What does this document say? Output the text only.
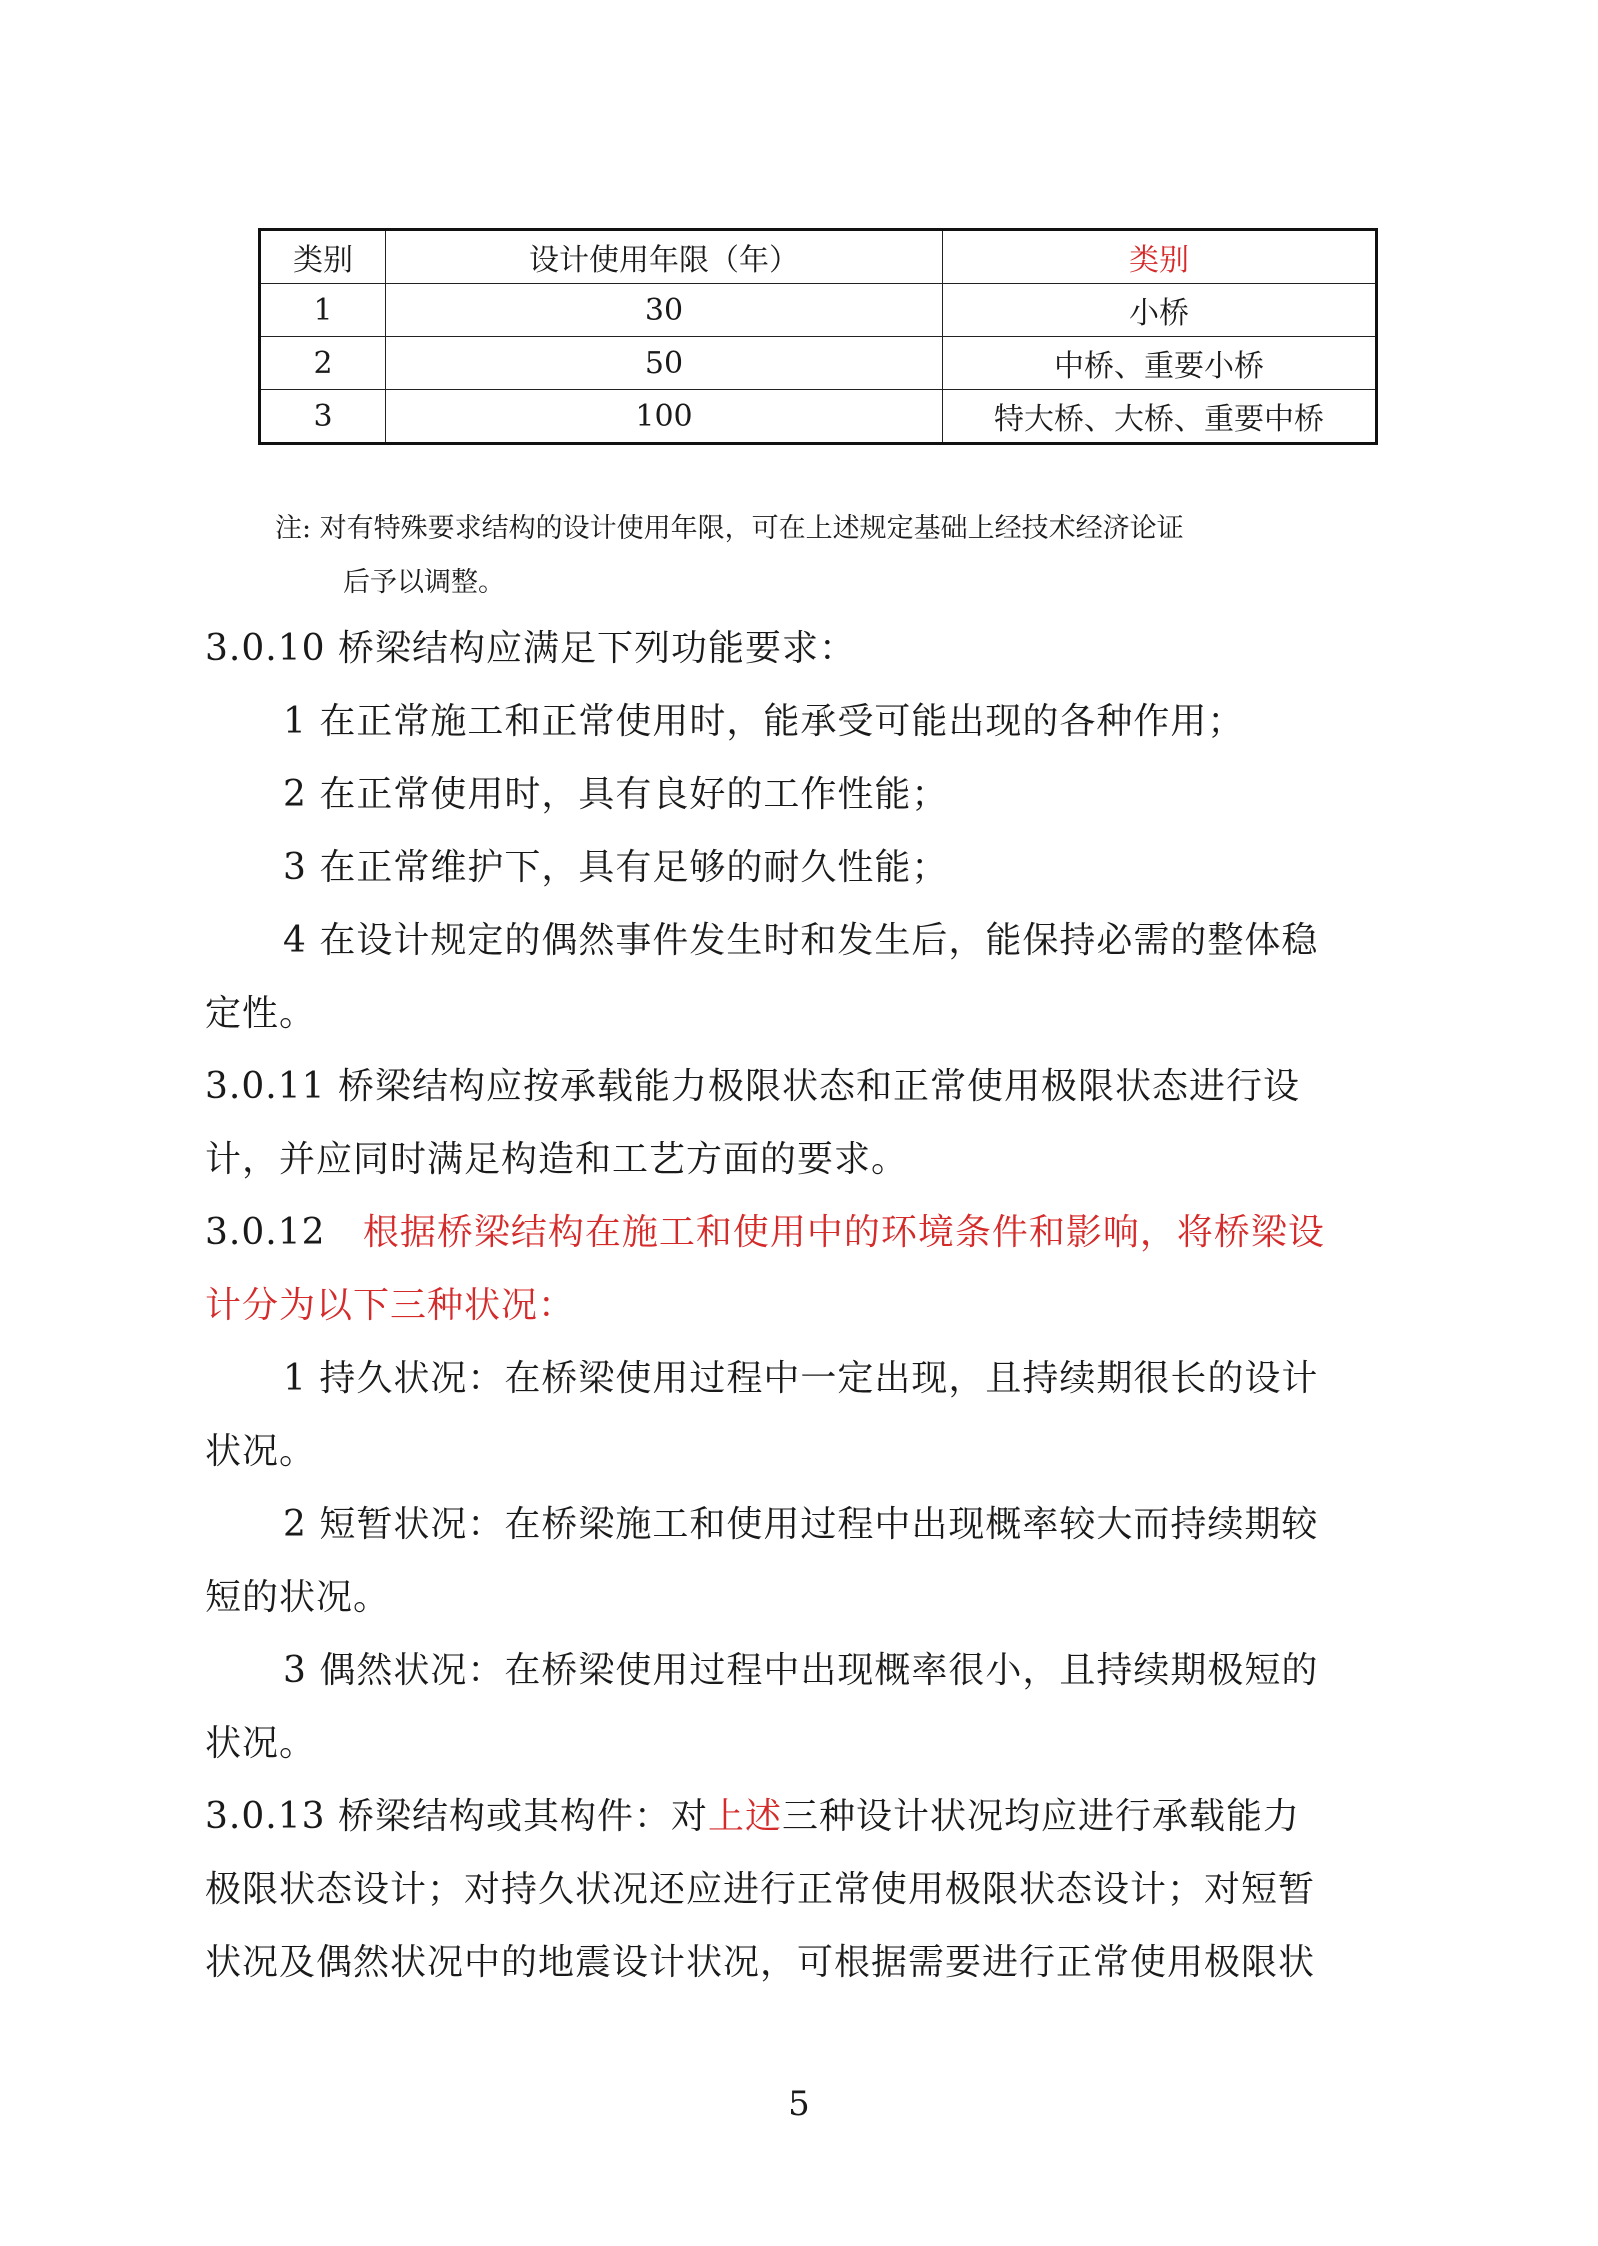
类别	设计使用年限（年）	类别
1	30	小桥
2	50	中桥、重要小桥
3	100	特大桥、大桥、重要中桥
注: 对有特殊要求结构的设计使用年限，可在上述规定基础上经技术经济论证
后予以调整。
3.0.10 桥梁结构应满足下列功能要求：
1 在正常施工和正常使用时，能承受可能出现的各种作用；
2 在正常使用时，具有良好的工作性能；
3 在正常维护下，具有足够的耐久性能；
4 在设计规定的偶然事件发生时和发生后，能保持必需的整体稳
定性。
3.0.11 桥梁结构应按承载能力极限状态和正常使用极限状态进行设
计，并应同时满足构造和工艺方面的要求。
3.0.12 根据桥梁结构在施工和使用中的环境条件和影响，将桥梁设
计分为以下三种状况：
1 持久状况：在桥梁使用过程中一定出现，且持续期很长的设计
状况。
2 短暂状况：在桥梁施工和使用过程中出现概率较大而持续期较
短的状况。
3 偶然状况：在桥梁使用过程中出现概率很小，且持续期极短的
状况。
3.0.13 桥梁结构或其构件：对上述三种设计状况均应进行承载能力
极限状态设计；对持久状况还应进行正常使用极限状态设计；对短暂
状况及偶然状况中的地震设计状况，可根据需要进行正常使用极限状
5
